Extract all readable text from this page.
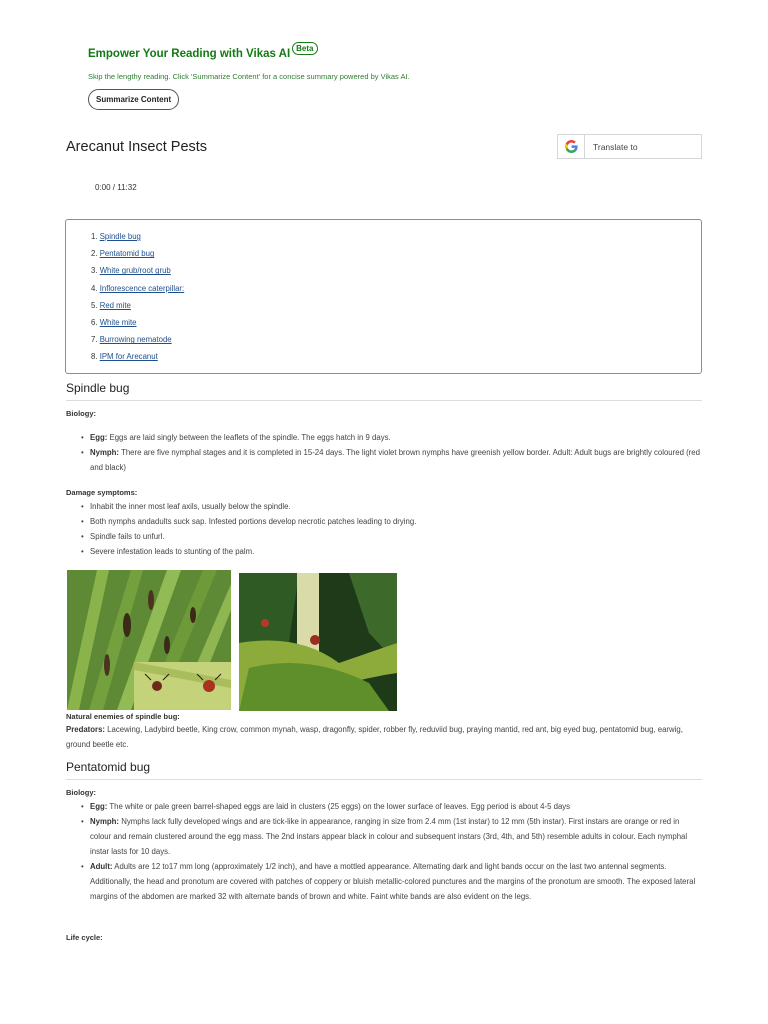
Empower Your Reading with Vikas AI Beta
Skip the lengthy reading. Click 'Summarize Content' for a concise summary powered by Vikas AI.
Summarize Content
Arecanut Insect Pests	Translate to
0:00 / 11:32
1. Spindle bug
2. Pentatomid bug
3. White grub/root grub
4. Inflorescence caterpillar:
5. Red mite
6. White mite
7. Burrowing nematode
8. IPM for Arecanut
Spindle bug
Biology:
• Egg: Eggs are laid singly between the leaflets of the spindle. The eggs hatch in 9 days.
• Nymph: There are five nymphal stages and it is completed in 15-24 days. The light violet brown nymphs have greenish yellow border. Adult: Adult bugs are brightly coloured (red and black)
Damage symptoms:
• Inhabit the inner most leaf axils, usually below the spindle.
• Both nymphs andadults suck sap. Infested portions develop necrotic patches leading to drying.
• Spindle fails to unfurl.
• Severe infestation leads to stunting of the palm.
Natural enemies of spindle bug:
Predators: Lacewing, Ladybird beetle, King crow, common mynah, wasp, dragonfly, spider, robber fly, reduviid bug, praying mantid, red ant, big eyed bug, pentatomid bug, earwig, ground beetle etc.
Pentatomid bug
Biology:
• Egg: The white or pale green barrel-shaped eggs are laid in clusters (25 eggs) on the lower surface of leaves. Egg period is about 4-5 days
• Nymph: Nymphs lack fully developed wings and are tick-like in appearance, ranging in size from 2.4 mm (1st instar) to 12 mm (5th instar). First instars are orange or red in colour and remain clustered around the egg mass. The 2nd instars appear black in colour and subsequent instars (3rd, 4th, and 5th) resemble adults in colour. Each nymphal instar lasts for 10 days.
• Adult: Adults are 12 to17 mm long (approximately 1/2 inch), and have a mottled appearance. Alternating dark and light bands occur on the last two antennal segments. Additionally, the head and pronotum are covered with patches of coppery or bluish metallic-colored punctures and the margins of the pronotum are smooth. The exposed lateral margins of the abdomen are marked 32 with alternate bands of brown and white. Faint white bands are also evident on the legs.
Life cycle:
